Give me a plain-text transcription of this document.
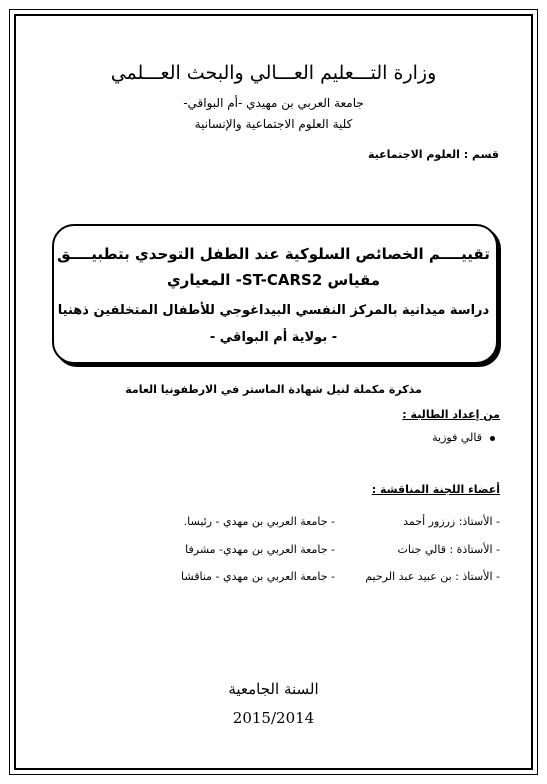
وزارة التـــعليم العـــالي والبحث العـــلمي
جامعة العربي بن مهيدي -أم البواقي-
كلية العلوم الاجتماعية والإنسانية
قسم : العلوم الاجتماعية
تقييــــم الخصائص السلوكية عند الطفل التوحدي بتطبيــــق
مقياس ST-CARS2- المعياري
دراسة ميدانية بالمركز النفسي البيداغوجي للأطفال المتخلفين ذهنيا
- بولاية أم البواقي -
مذكرة مكملة لنيل شهادة الماستر في الارطفونيا العامة
من إعداد الطالبة :
قالي فوزية
أعضاء اللجنة المناقشة :
- الأستاذ: زرزور أحمد
- جامعة العربي بن مهدي - رئيسا.
- الأستاذة : قالي جنات
- جامعة العربي بن مهدي- مشرفا
- الأستاذ : بن عبيد عبد الرحيم
- جامعة العربي بن مهدي - مناقشا
السنة الجامعية
2015/2014
